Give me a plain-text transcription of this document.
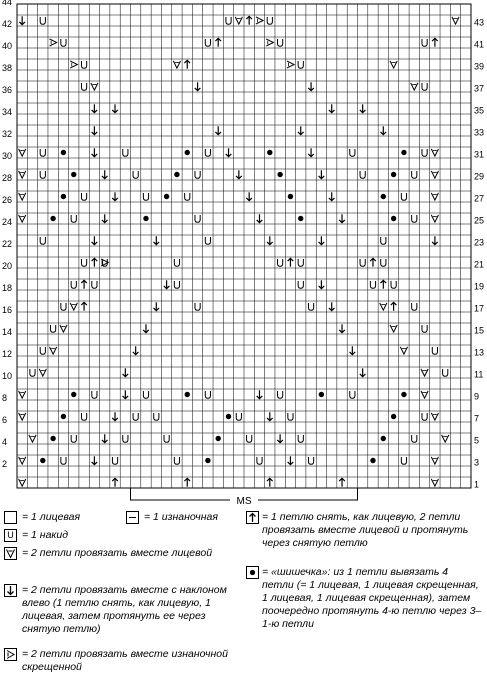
2
4
6
8
10
12
14
16
18
20
22
24
26
28
30
32
34
36
38
40
42
44
1
3
5
7
9
11
13
15
17
19
21
23
25
27
29
31
33
35
37
39
41
43
MS
= 1 лицевая	= 1 изнаночная
U = 1 накид
= 2 петли провязать вместе лицевой
= 2 петли провязать вместе с наклоном влево (1 петлю снять, как лицевую, 1 лицевая, затем протянуть ее через снятую петлю)
= 2 петли провязать вместе изнаночной скрещенной
= 1 петлю снять, как лицевую, 2 петли провязать вместе лицевой и протянуть через снятую петлю
= «шишечка»: из 1 петли вывязать 4 петли (= 1 лицевая, 1 лицевая скрещенная, 1 лицевая, 1 лицевая скрещенная), затем поочередно протянуть 4-ю петлю через 3–1-ю петли
